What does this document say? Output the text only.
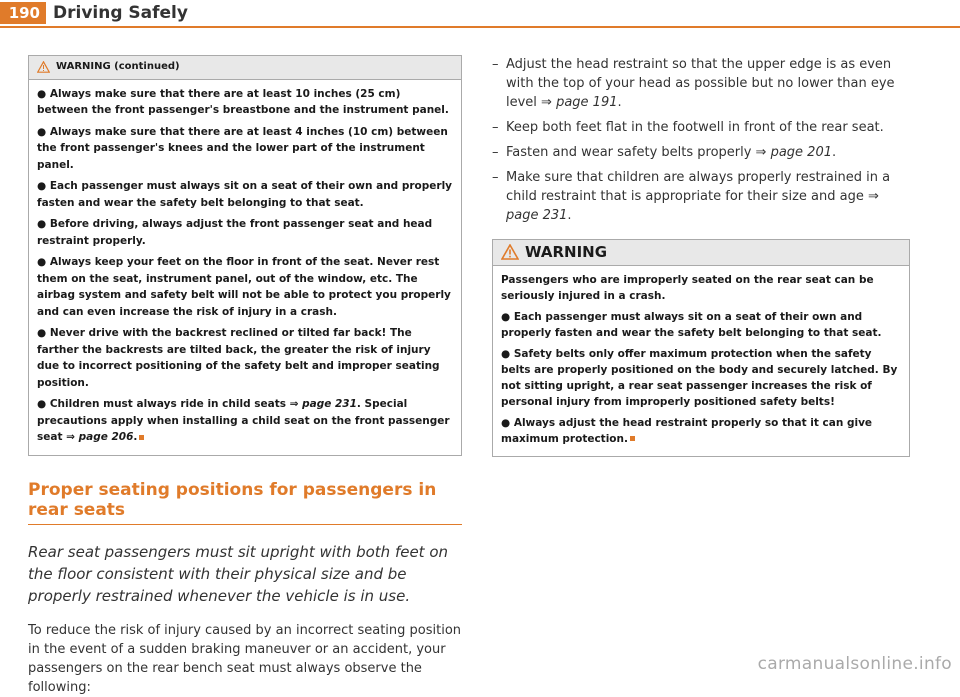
190 Driving Safely
WARNING (continued)

● Always make sure that there are at least 10 inches (25 cm) between the front passenger's breastbone and the instrument panel.

● Always make sure that there are at least 4 inches (10 cm) between the front passenger's knees and the lower part of the instrument panel.

● Each passenger must always sit on a seat of their own and properly fasten and wear the safety belt belonging to that seat.

● Before driving, always adjust the front passenger seat and head restraint properly.

● Always keep your feet on the floor in front of the seat. Never rest them on the seat, instrument panel, out of the window, etc. The airbag system and safety belt will not be able to protect you properly and can even increase the risk of injury in a crash.

● Never drive with the backrest reclined or tilted far back! The farther the backrests are tilted back, the greater the risk of injury due to incorrect positioning of the safety belt and improper seating position.

● Children must always ride in child seats ⇒ page 231. Special precautions apply when installing a child seat on the front passenger seat ⇒ page 206.

Proper seating positions for passengers in rear seats
Rear seat passengers must sit upright with both feet on the floor consistent with their physical size and be properly restrained whenever the vehicle is in use.
To reduce the risk of injury caused by an incorrect seating position in the event of a sudden braking maneuver or an accident, your passengers on the rear bench seat must always observe the following:
– Adjust the head restraint so that the upper edge is as even with the top of your head as possible but no lower than eye level ⇒ page 191.
– Keep both feet flat in the footwell in front of the rear seat.
– Fasten and wear safety belts properly ⇒ page 201.
– Make sure that children are always properly restrained in a child restraint that is appropriate for their size and age ⇒ page 231.
WARNING

Passengers who are improperly seated on the rear seat can be seriously injured in a crash.

● Each passenger must always sit on a seat of their own and properly fasten and wear the safety belt belonging to that seat.

● Safety belts only offer maximum protection when the safety belts are properly positioned on the body and securely latched. By not sitting upright, a rear seat passenger increases the risk of personal injury from improperly positioned safety belts!

● Always adjust the head restraint properly so that it can give maximum protection.

carmanualsonline.info
